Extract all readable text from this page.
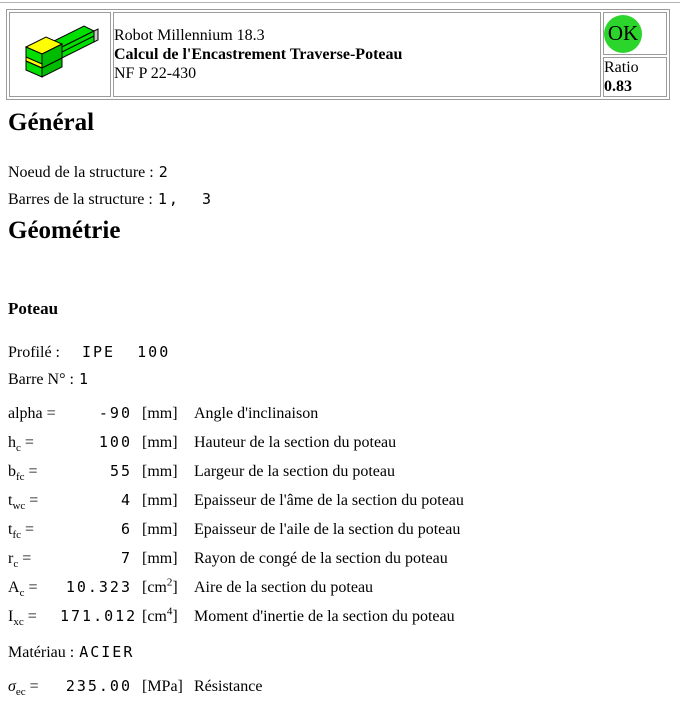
Robot Millennium 18.3
Calcul de l'Encastrement Traverse-Poteau
NF P 22-430

OK

Ratio
0.83
Général

Noeud de la structure : 2

Barres de la structure : 1,  3

Géométrie
Poteau

Profilé : IPE  100

Barre N° : 1

alpha =	-90 [mm]	Angle d'inclinaison
$h_c$ =	100 [mm]	Hauteur de la section du poteau
$b_{fc}$ =	55 [mm]	Largeur de la section du poteau
$t_{wc}$ =	4 [mm]	Epaisseur de l'âme de la section du poteau
$t_{fc}$ =	6 [mm]	Epaisseur de l'aile de la section du poteau
$r_c$ =	7 [mm]	Rayon de congé de la section du poteau
$A_c$ =	10.323 $[cm^2]$	Aire de la section du poteau
$I_{xc}$ =	171.012 $[cm^4]$	Moment d'inertie de la section du poteau

Matériau : ACIER

$\sigma_{ec}$ =	235.00 [MPa] Résistance
